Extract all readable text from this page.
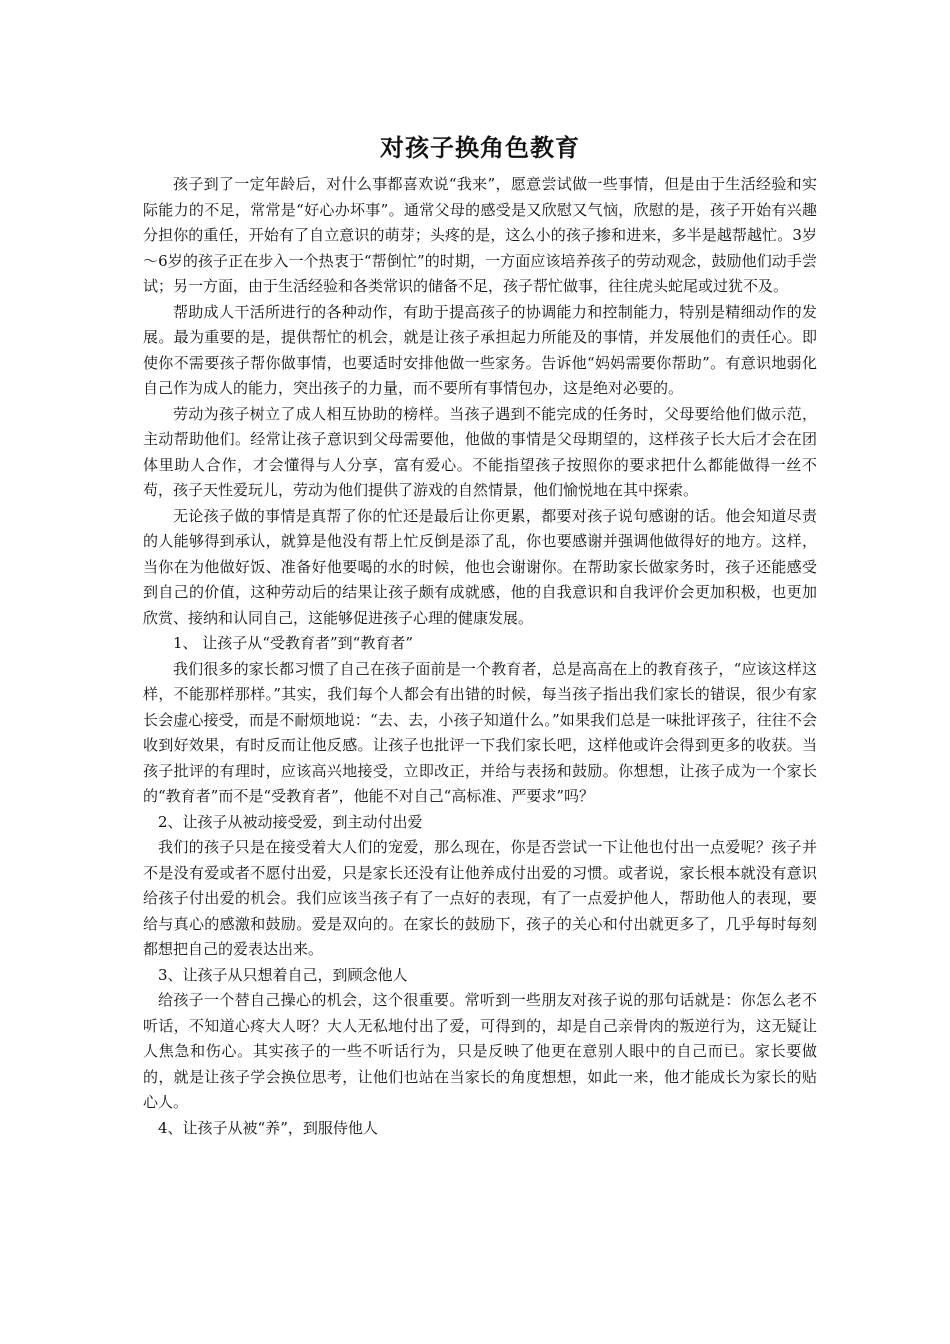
对孩子换角色教育

孩子到了一定年龄后，对什么事都喜欢说“我来”，愿意尝试做一些事情，但是由于生活经验和实际能力的不足，常常是“好心办坏事”。通常父母的感受是又欣慰又气恼，欣慰的是，孩子开始有兴趣分担你的重任，开始有了自立意识的萌芽；头疼的是，这么小的孩子掺和进来，多半是越帮越忙。3岁～6岁的孩子正在步入一个热衷于“帮倒忙”的时期，一方面应该培养孩子的劳动观念，鼓励他们动手尝试；另一方面，由于生活经验和各类常识的储备不足，孩子帮忙做事，往往虎头蛇尾或过犹不及。

帮助成人干活所进行的各种动作，有助于提高孩子的协调能力和控制能力，特别是精细动作的发展。最为重要的是，提供帮忙的机会，就是让孩子承担起力所能及的事情，并发展他们的责任心。即使你不需要孩子帮你做事情，也要适时安排他做一些家务。告诉他“妈妈需要你帮助”。有意识地弱化自己作为成人的能力，突出孩子的力量，而不要所有事情包办，这是绝对必要的。

劳动为孩子树立了成人相互协助的榜样。当孩子遇到不能完成的任务时，父母要给他们做示范，主动帮助他们。经常让孩子意识到父母需要他，他做的事情是父母期望的，这样孩子长大后才会在团体里助人合作，才会懂得与人分享，富有爱心。不能指望孩子按照你的要求把什么都能做得一丝不苟，孩子天性爱玩儿，劳动为他们提供了游戏的自然情景，他们愉悦地在其中探索。

无论孩子做的事情是真帮了你的忙还是最后让你更累，都要对孩子说句感谢的话。他会知道尽责的人能够得到承认，就算是他没有帮上忙反倒是添了乱，你也要感谢并强调他做得好的地方。这样，当你在为他做好饭、准备好他要喝的水的时候，他也会谢谢你。在帮助家长做家务时，孩子还能感受到自己的价值，这种劳动后的结果让孩子颇有成就感，他的自我意识和自我评价会更加积极，也更加欣赏、接纳和认同自己，这能够促进孩子心理的健康发展。

1、 让孩子从“受教育者”到“教育者”

我们很多的家长都习惯了自己在孩子面前是一个教育者，总是高高在上的教育孩子，“应该这样这样，不能那样那样。”其实，我们每个人都会有出错的时候，每当孩子指出我们家长的错误，很少有家长会虚心接受，而是不耐烦地说：“去、去，小孩子知道什么。”如果我们总是一味批评孩子，往往不会收到好效果，有时反而让他反感。让孩子也批评一下我们家长吧，这样他或许会得到更多的收获。当孩子批评的有理时，应该高兴地接受，立即改正，并给与表扬和鼓励。你想想，让孩子成为一个家长的“教育者”而不是“受教育者”，他能不对自己“高标准、严要求”吗？

2、让孩子从被动接受爱，到主动付出爱

我们的孩子只是在接受着大人们的宠爱，那么现在，你是否尝试一下让他也付出一点爱呢？孩子并不是没有爱或者不愿付出爱，只是家长还没有让他养成付出爱的习惯。或者说，家长根本就没有意识给孩子付出爱的机会。我们应该当孩子有了一点好的表现，有了一点爱护他人，帮助他人的表现，要给与真心的感激和鼓励。爱是双向的。在家长的鼓励下，孩子的关心和付出就更多了，几乎每时每刻都想把自己的爱表达出来。

3、让孩子从只想着自己，到顾念他人

给孩子一个替自己操心的机会，这个很重要。常听到一些朋友对孩子说的那句话就是：你怎么老不听话，不知道心疼大人呀？大人无私地付出了爱，可得到的，却是自己亲骨肉的叛逆行为，这无疑让人焦急和伤心。其实孩子的一些不听话行为，只是反映了他更在意别人眼中的自己而已。家长要做的，就是让孩子学会换位思考，让他们也站在当家长的角度想想，如此一来，他才能成长为家长的贴心人。

4、让孩子从被“养”，到服侍他人
